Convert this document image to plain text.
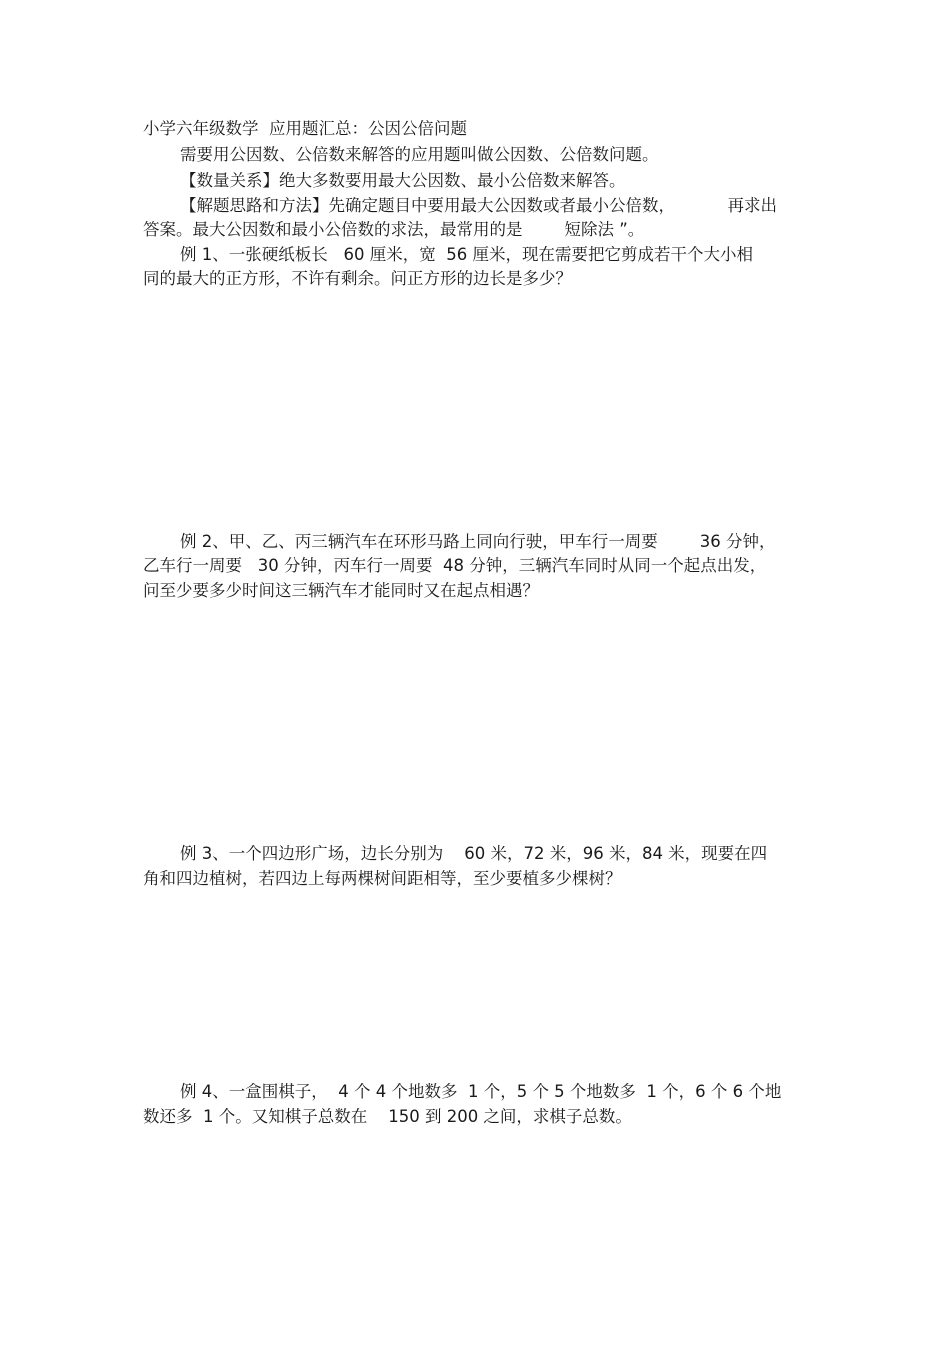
小学六年级数学  应用题汇总：公因公倍问题
需要用公因数、公倍数来解答的应用题叫做公因数、公倍数问题。
【数量关系】绝大多数要用最大公因数、最小公倍数来解答。
【解题思路和方法】先确定题目中要用最大公因数或者最小公倍数，          再求出
答案。最大公因数和最小公倍数的求法，最常用的是        短除法 ”。
例 1、一张硬纸板长   60 厘米，宽  56 厘米，现在需要把它剪成若干个大小相
同的最大的正方形，不许有剩余。问正方形的边长是多少？
例 2、甲、乙、丙三辆汽车在环形马路上同向行驶，甲车行一周要        36 分钟，
乙车行一周要   30 分钟，丙车行一周要  48 分钟，三辆汽车同时从同一个起点出发，
问至少要多少时间这三辆汽车才能同时又在起点相遇？
例 3、一个四边形广场，边长分别为    60 米，72 米，96 米，84 米，现要在四
角和四边植树，若四边上每两棵树间距相等，至少要植多少棵树？
例 4、一盒围棋子，  4 个 4 个地数多  1 个，5 个 5 个地数多  1 个，6 个 6 个地
数还多  1 个。又知棋子总数在    150 到 200 之间，求棋子总数。
